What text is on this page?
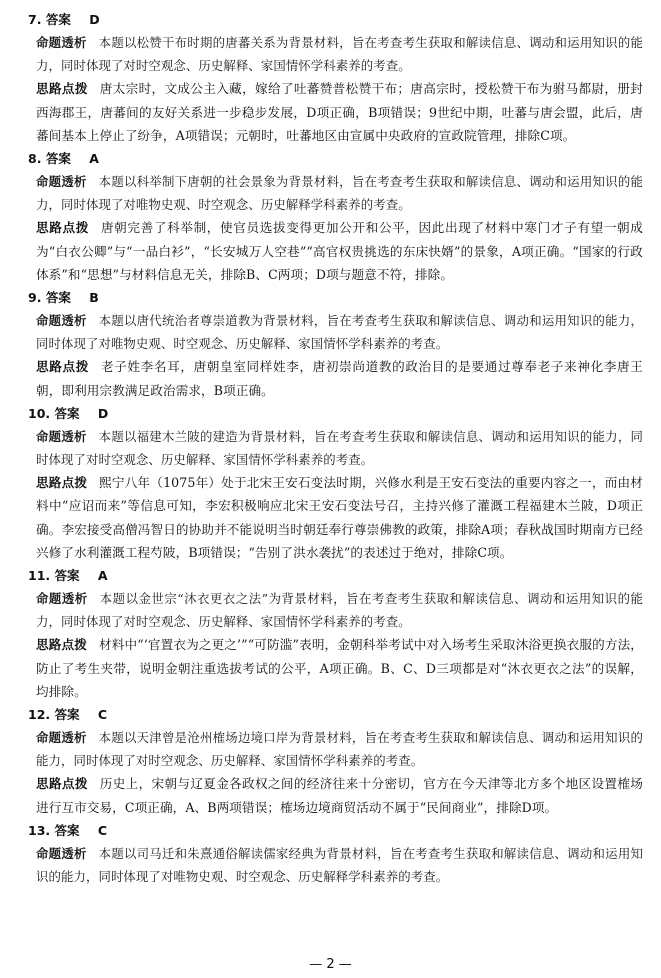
7. 答案 D

命题透析 本题以松赞干布时期的唐蕃关系为背景材料，旨在考查考生获取和解读信息、调动和运用知识的能力，同时体现了对时空观念、历史解释、家国情怀学科素养的考查。

思路点拨 唐太宗时，文成公主入藏，嫁给了吐蕃赞普松赞干布；唐高宗时，授松赞干布为驸马都尉，册封西海郡王，唐蕃间的友好关系进一步稳步发展，D项正确，B项错误；9世纪中期，吐蕃与唐会盟，此后，唐蕃间基本上停止了纷争，A项错误；元朝时，吐蕃地区由宣属中央政府的宣政院管理，排除C项。

8. 答案 A

命题透析 本题以科举制下唐朝的社会景象为背景材料，旨在考查考生获取和解读信息、调动和运用知识的能力，同时体现了对唯物史观、时空观念、历史解释学科素养的考查。

思路点拨 唐朝完善了科举制，使官员选拔变得更加公开和公平，因此出现了材料中寒门才子有望一朝成为“白衣公卿”与“一品白衫”，“长安城万人空巷”“高官权贵挑选的东床快婿”的景象，A项正确。“国家的行政体系”和“思想”与材料信息无关，排除B、C两项；D项与题意不符，排除。

9. 答案 B

命题透析 本题以唐代统治者尊崇道教为背景材料，旨在考查考生获取和解读信息、调动和运用知识的能力，同时体现了对唯物史观、时空观念、历史解释、家国情怀学科素养的考查。

思路点拨 老子姓李名耳，唐朝皇室同样姓李，唐初崇尚道教的政治目的是要通过尊奉老子来神化李唐王朝，即利用宗教满足政治需求，B项正确。

10. 答案 D

命题透析 本题以福建木兰陂的建造为背景材料，旨在考查考生获取和解读信息、调动和运用知识的能力，同时体现了对时空观念、历史解释、家国情怀学科素养的考查。

思路点拨 熙宁八年（1075年）处于北宋王安石变法时期，兴修水利是王安石变法的重要内容之一，而由材料中“应诏而来”等信息可知，李宏积极响应北宋王安石变法号召，主持兴修了灌溉工程福建木兰陂，D项正确。李宏接受高僧冯智日的协助并不能说明当时朝廷奉行尊崇佛教的政策，排除A项；春秋战国时期南方已经兴修了水利灌溉工程芍陂，B项错误；“告别了洪水袭扰”的表述过于绝对，排除C项。

11. 答案 A

命题透析 本题以金世宗“沐衣更衣之法”为背景材料，旨在考查考生获取和解读信息、调动和运用知识的能力，同时体现了对时空观念、历史解释、家国情怀学科素养的考查。

思路点拨 材料中“‘官置衣为之更之’”“可防滥”表明，金朝科举考试中对入场考生采取沐浴更换衣服的方法，防止了考生夹带，说明金朝注重选拔考试的公平，A项正确。B、C、D三项都是对“沐衣更衣之法”的误解，均排除。

12. 答案 C

命题透析 本题以天津曾是沧州榷场边境口岸为背景材料，旨在考查考生获取和解读信息、调动和运用知识的能力，同时体现了对时空观念、历史解释、家国情怀学科素养的考查。

思路点拨 历史上，宋朝与辽夏金各政权之间的经济往来十分密切，官方在今天津等北方多个地区设置榷场进行互市交易，C项正确，A、B两项错误；榷场边境商贸活动不属于“民间商业”，排除D项。

13. 答案 C

命题透析 本题以司马迁和朱熹通俗解读儒家经典为背景材料，旨在考查考生获取和解读信息、调动和运用知识的能力，同时体现了对唯物史观、时空观念、历史解释学科素养的考查。

— 2 —
